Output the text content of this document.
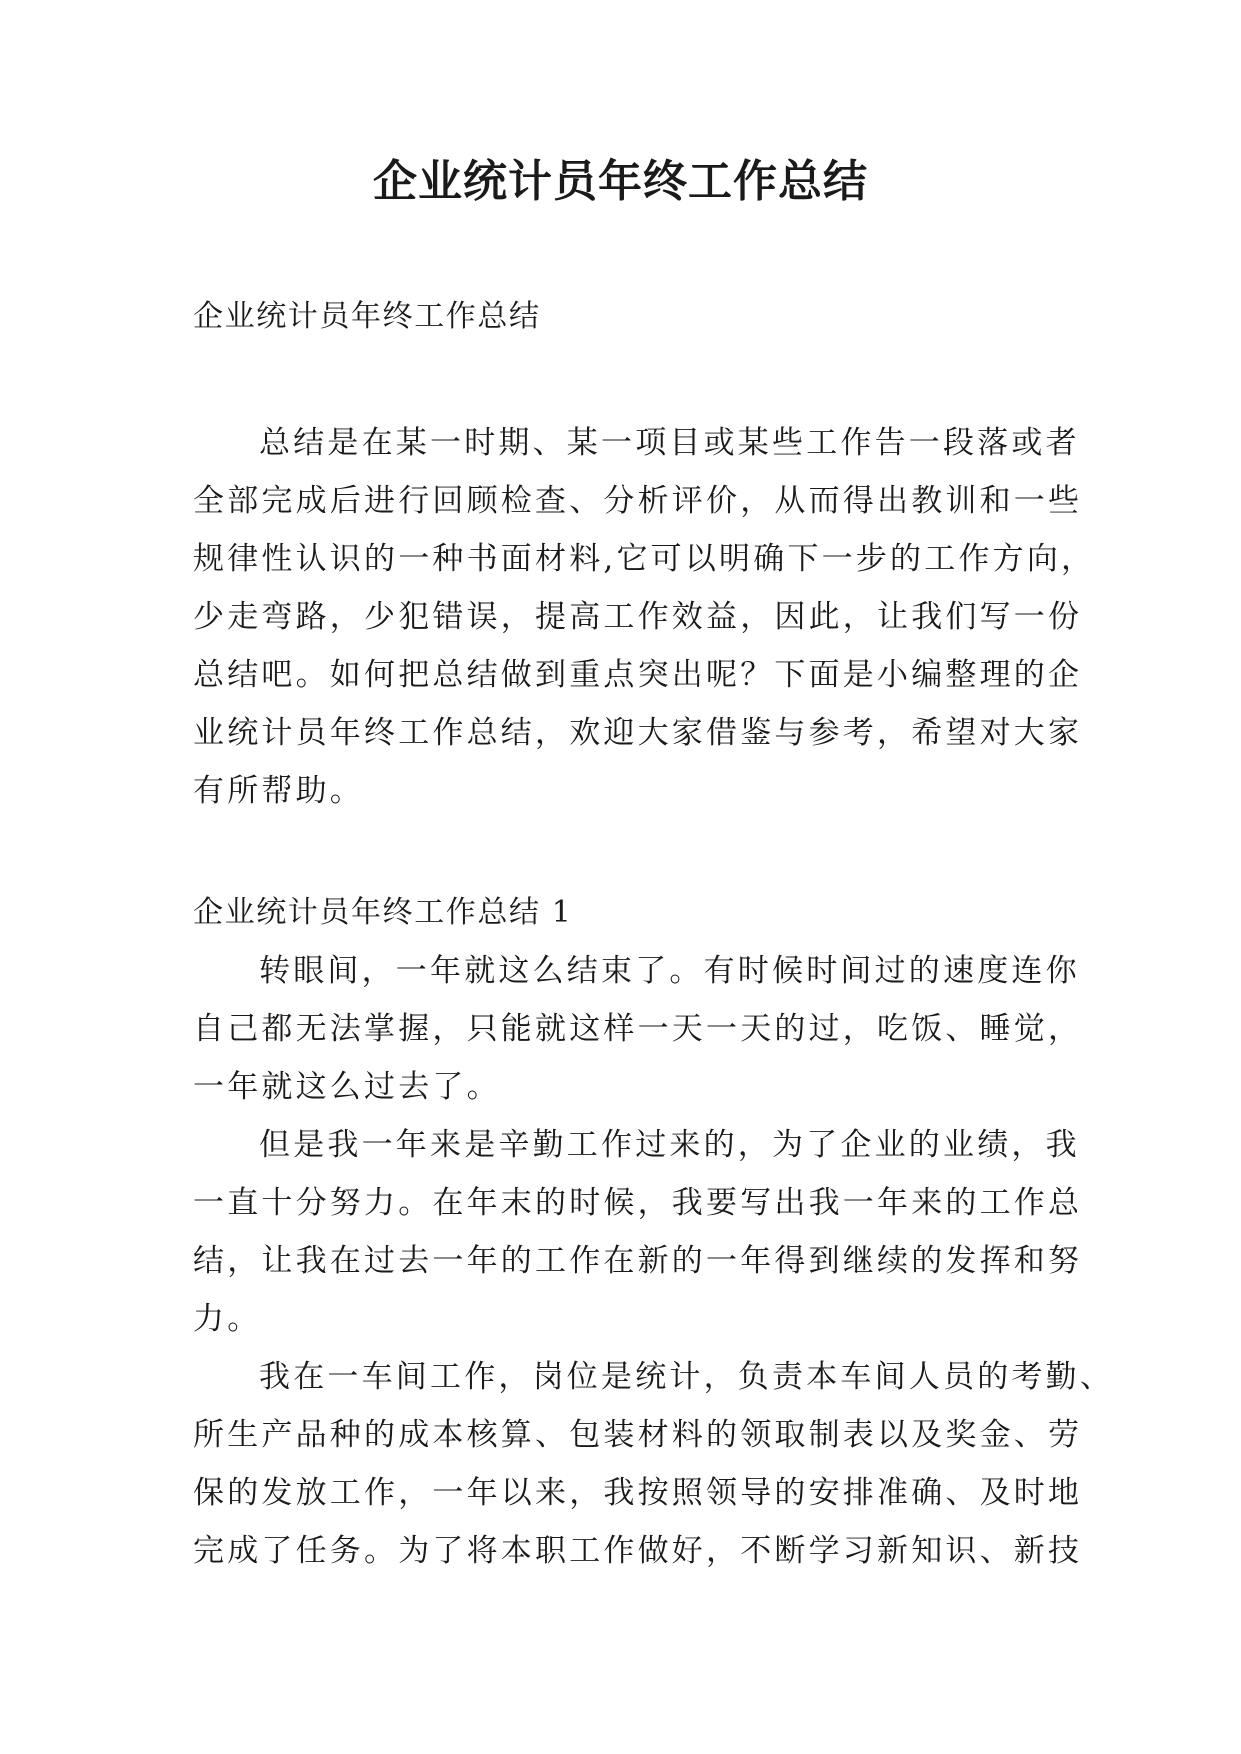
企业统计员年终工作总结
企业统计员年终工作总结
总结是在某一时期、某一项目或某些工作告一段落或者
全部完成后进行回顾检查、分析评价，从而得出教训和一些
规律性认识的一种书面材料,它可以明确下一步的工作方向，
少走弯路，少犯错误，提高工作效益，因此，让我们写一份
总结吧。如何把总结做到重点突出呢？下面是小编整理的企
业统计员年终工作总结，欢迎大家借鉴与参考，希望对大家
有所帮助。
企业统计员年终工作总结 1
转眼间，一年就这么结束了。有时候时间过的速度连你
自己都无法掌握，只能就这样一天一天的过，吃饭、睡觉，
一年就这么过去了。
但是我一年来是辛勤工作过来的，为了企业的业绩，我
一直十分努力。在年末的时候，我要写出我一年来的工作总
结，让我在过去一年的工作在新的一年得到继续的发挥和努
力。
我在一车间工作，岗位是统计，负责本车间人员的考勤、
所生产品种的成本核算、包装材料的领取制表以及奖金、劳
保的发放工作，一年以来，我按照领导的安排准确、及时地
完成了任务。为了将本职工作做好，不断学习新知识、新技
